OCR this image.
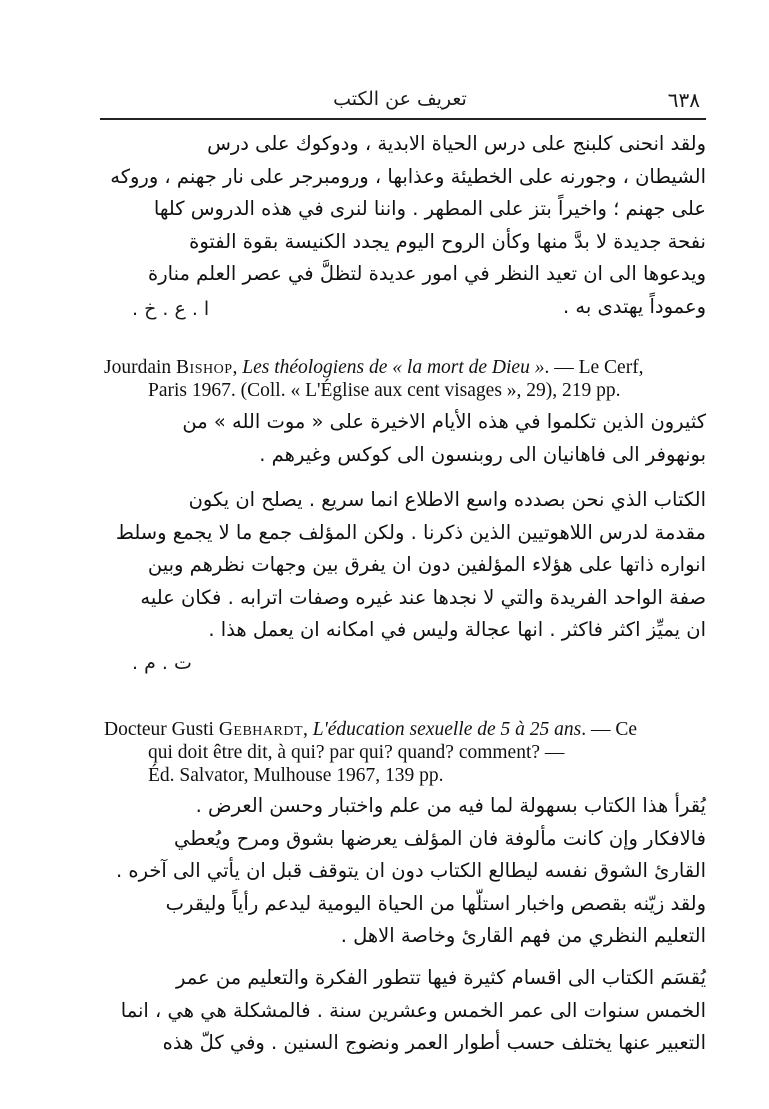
تعريف عن الكتب	٦٣٨

ولقد انحنى كلبنج على درس الحياة الابدية ، ودوكوك على درس

الشيطان ، وجورنه على الخطيئة وعذابها ، ورومبرجر على نار جهنم ، وروكه

على جهنم ؛ واخيراً بتز على المطهر . واننا لنرى في هذه الدروس كلها

نفحة جديدة لا بدَّ منها وكأن الروح اليوم يجدد الكنيسة بقوة الفتوة

ويدعوها الى ان تعيد النظر في امور عديدة لتظلَّ في عصر العلم منارة

وعموداً يهتدى به .

ا . ع . خ .
Jourdain Bishop, Les théologiens de « la mort de Dieu ». — Le Cerf,
Paris 1967. (Coll. « L'Église aux cent visages », 29), 219 pp.

كثيرون الذين تكلموا في هذه الأيام الاخيرة على « موت الله » من

بونهوفر الى فاهانيان الى روبنسون الى كوكس وغيرهم .

الكتاب الذي نحن بصدده واسع الاطلاع انما سريع . يصلح ان يكون

مقدمة لدرس اللاهوتيين الذين ذكرنا . ولكن المؤلف جمع ما لا يجمع وسلط

انواره ذاتها على هؤلاء المؤلفين دون ان يفرق بين وجهات نظرهم وبين

صفة الواحد الفريدة والتي لا نجدها عند غيره وصفات اترابه . فكان عليه

ان يميِّز اكثر فاكثر . انها عجالة وليس في امكانه ان يعمل هذا .

ت . م .
Docteur Gusti Gebhardt, L'éducation sexuelle de 5 à 25 ans. — Ce
qui doit être dit, à qui? par qui? quand? comment? —
Éd. Salvator, Mulhouse 1967, 139 pp.

يُقرأ هذا الكتاب بسهولة لما فيه من علم واختبار وحسن العرض .

فالافكار وإن كانت مألوفة فان المؤلف يعرضها بشوق ومرح ويُعطي

القارئ الشوق نفسه ليطالع الكتاب دون ان يتوقف قبل ان يأتي الى آخره .

ولقد زيّنه بقصص واخبار استلّها من الحياة اليومية ليدعم رأياً وليقرب

التعليم النظري من فهم القارئ وخاصة الاهل .

يُقسَم الكتاب الى اقسام كثيرة فيها تتطور الفكرة والتعليم من عمر

الخمس سنوات الى عمر الخمس وعشرين سنة . فالمشكلة هي هي ، انما

التعبير عنها يختلف حسب أطوار العمر ونضوج السنين . وفي كلّ هذه
